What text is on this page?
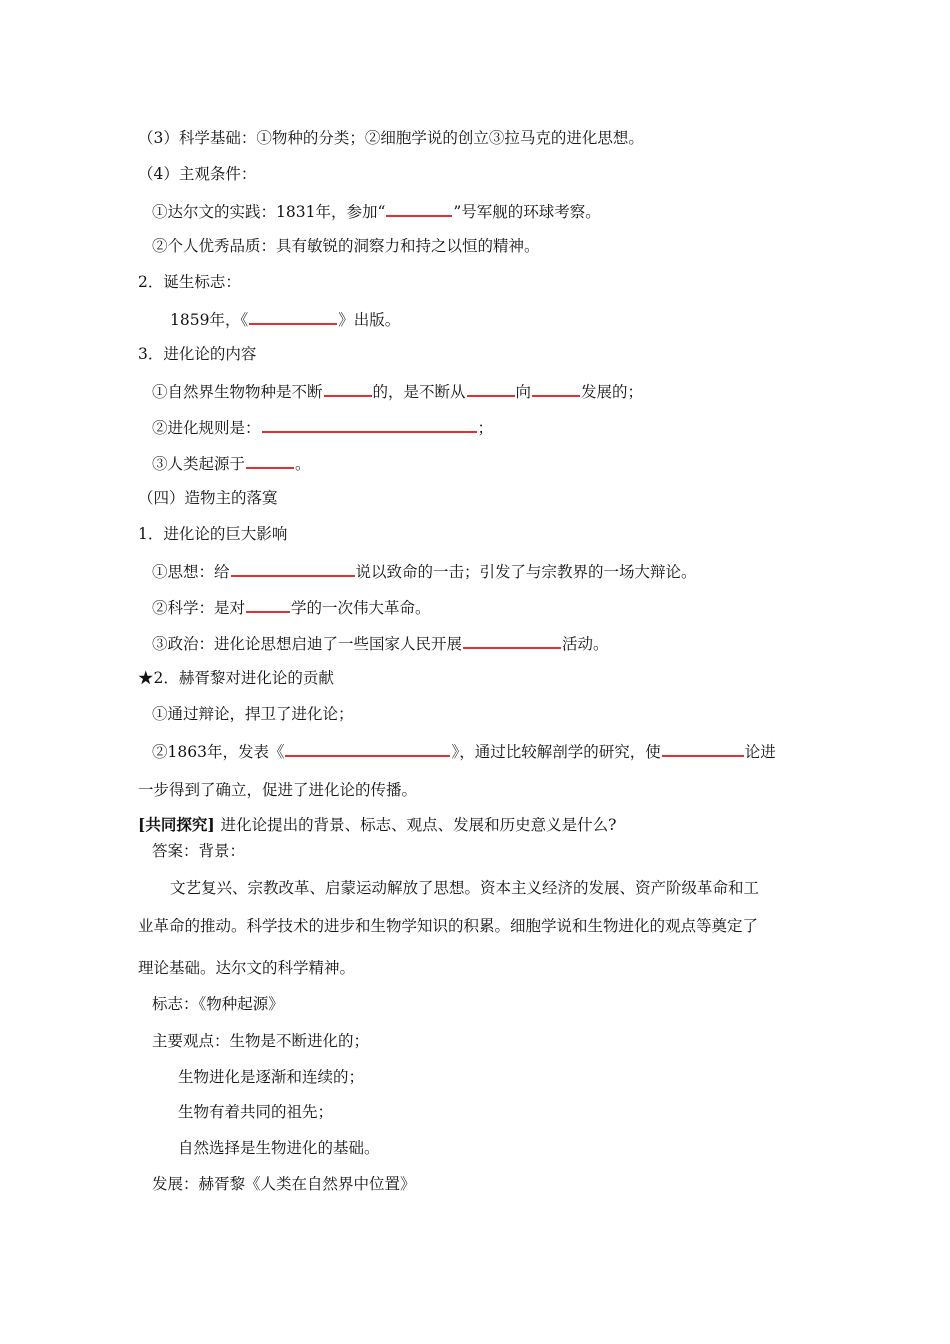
（3）科学基础：①物种的分类；②细胞学说的创立③拉马克的进化思想。
（4）主观条件：
①达尔文的实践：1831年，参加“	”号军舰的环球考察。
②个人优秀品质：具有敏锐的洞察力和持之以恒的精神。
2．诞生标志：
1859年，《	》出版。
3．进化论的内容
①自然界生物物种是不断	的，是不断从	向	发展的；
②进化规则是：	；
③人类起源于	。
（四）造物主的落寞
1．进化论的巨大影响
①思想：给	说以致命的一击；引发了与宗教界的一场大辩论。
②科学：是对	学的一次伟大革命。
③政治：进化论思想启迪了一些国家人民开展	活动。
★2．赫胥黎对进化论的贡献
①通过辩论，捍卫了进化论；
②1863年，发表《	》，通过比较解剖学的研究，使	论进
一步得到了确立，促进了进化论的传播。
[共同探究] 进化论提出的背景、标志、观点、发展和历史意义是什么?
答案：背景：
文艺复兴、宗教改革、启蒙运动解放了思想。资本主义经济的发展、资产阶级革命和工
业革命的推动。科学技术的进步和生物学知识的积累。细胞学说和生物进化的观点等奠定了
理论基础。达尔文的科学精神。
标志：《物种起源》
主要观点：生物是不断进化的；
生物进化是逐渐和连续的；
生物有着共同的祖先；
自然选择是生物进化的基础。
发展：赫胥黎《人类在自然界中位置》
